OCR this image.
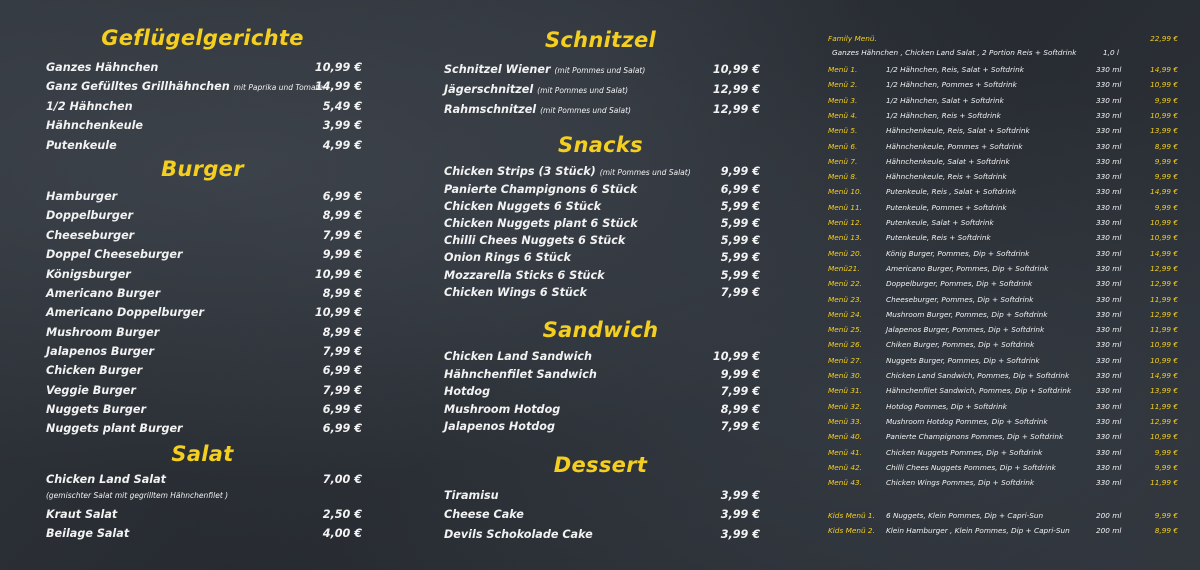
Geflügelgerichte
Ganzes Hähnchen	10,99 €
Ganz Gefülltes Grillhähnchen mit Paprika und Tomaten
14,99 €
1/2 Hähnchen	5,49 €
Hähnchenkeule	3,99 €
Putenkeule	4,99 €
Burger
Hamburger	6,99 €
Doppelburger	8,99 €
Cheeseburger	7,99 €
Doppel Cheeseburger	9,99 €
Königsburger	10,99 €
Americano Burger	8,99 €
Americano Doppelburger	10,99 €
Mushroom Burger	8,99 €
Jalapenos Burger	7,99 €
Chicken Burger	6,99 €
Veggie Burger	7,99 €
Nuggets Burger	6,99 €
Nuggets plant Burger	6,99 €
Salat
Chicken Land Salat	7,00 €
(gemischter Salat mit gegrilltem Hähnchenfilet )
Kraut Salat	2,50 €
Beilage Salat	4,00 €
Schnitzel
Schnitzel Wiener (mit Pommes und Salat)	10,99 €
Jägerschnitzel (mit Pommes und Salat)	12,99 €
Rahmschnitzel (mit Pommes und Salat)	12,99 €
Snacks
Chicken Strips (3 Stück) (mit Pommes und Salat)	9,99 €
Panierte Champignons 6 Stück	6,99 €
Chicken Nuggets 6 Stück	5,99 €
Chicken Nuggets plant 6 Stück	5,99 €
Chilli Chees Nuggets 6 Stück	5,99 €
Onion Rings 6 Stück	5,99 €
Mozzarella Sticks 6 Stück	5,99 €
Chicken Wings 6 Stück	7,99 €
Sandwich
Chicken Land Sandwich	10,99 €
Hähnchenfilet Sandwich	9,99 €
Hotdog	7,99 €
Mushroom Hotdog	8,99 €
Jalapenos Hotdog	7,99 €
Dessert
Tiramisu	3,99 €
Cheese Cake	3,99 €
Devils Schokolade Cake	3,99 €
Family Menü.	22,99 €
Ganzes Hähnchen , Chicken Land Salat , 2 Portion Reis + Softdrink	1,0 l
Menü 1.	1/2 Hähnchen, Reis, Salat + Softdrink	330 ml	14,99 €
Menü 2.	1/2 Hähnchen, Pommes + Softdrink	330 ml	10,99 €
Menü 3.	1/2 Hähnchen, Salat + Softdrink	330 ml	9,99 €
Menü 4.	1/2 Hähnchen, Reis + Softdrink	330 ml	10,99 €
Menü 5.	Hähnchenkeule, Reis, Salat + Softdrink	330 ml	13,99 €
Menü 6.	Hähnchenkeule, Pommes + Softdrink	330 ml	8,99 €
Menü 7.	Hähnchenkeule, Salat + Softdrink	330 ml	9,99 €
Menü 8.	Hähnchenkeule, Reis + Softdrink	330 ml	9,99 €
Menü 10.	Putenkeule, Reis , Salat + Softdrink	330 ml	14,99 €
Menü 11.	Putenkeule, Pommes + Softdrink	330 ml	9,99 €
Menü 12.	Putenkeule, Salat + Softdrink	330 ml	10,99 €
Menü 13.	Putenkeule, Reis + Softdrink	330 ml	10,99 €
Menü 20.	König Burger, Pommes, Dip + Softdrink	330 ml	14,99 €
Menü21.	Americano Burger, Pommes, Dip + Softdrink	330 ml	12,99 €
Menü 22.	Doppelburger, Pommes, Dip + Softdrink	330 ml	12,99 €
Menü 23.	Cheeseburger, Pommes, Dip + Softdrink	330 ml	11,99 €
Menü 24.	Mushroom Burger, Pommes, Dip + Softdrink	330 ml	12,99 €
Menü 25.	Jalapenos Burger, Pommes, Dip + Softdrink	330 ml	11,99 €
Menü 26.	Chiken Burger, Pommes, Dip + Softdrink	330 ml	10,99 €
Menü 27.	Nuggets Burger, Pommes, Dip + Softdrink	330 ml	10,99 €
Menü 30.	Chicken Land Sandwich, Pommes, Dip + Softdrink	330 ml	14,99 €
Menü 31.	Hähnchenfilet Sandwich, Pommes, Dip + Softdrink	330 ml	13,99 €
Menü 32.	Hotdog Pommes, Dip + Softdrink	330 ml	11,99 €
Menü 33.	Mushroom Hotdog Pommes, Dip + Softdrink	330 ml	12,99 €
Menü 40.	Panierte Champignons Pommes, Dip + Softdrink	330 ml	10,99 €
Menü 41.	Chicken Nuggets Pommes, Dip + Softdrink	330 ml	9,99 €
Menü 42.	Chilli Chees Nuggets Pommes, Dip + Softdrink	330 ml	9,99 €
Menü 43.	Chicken Wings Pommes, Dip + Softdrink	330 ml	11,99 €
Kids Menü 1. 6 Nuggets, Klein Pommes, Dip + Capri-Sun	200 ml	9,99 €
Kids Menü 2. Klein Hamburger , Klein Pommes, Dip + Capri-Sun	200 ml	8,99 €
